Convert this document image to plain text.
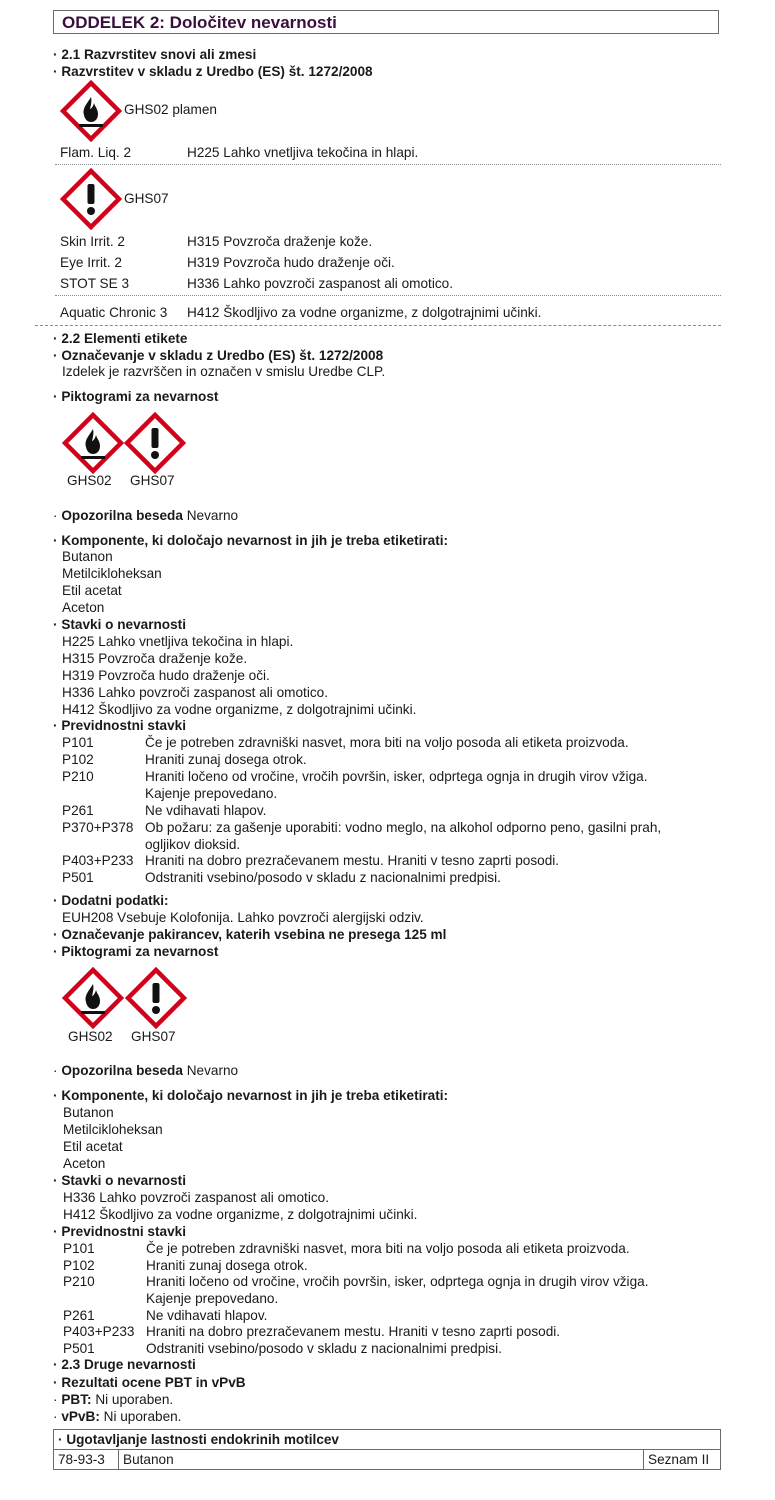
ODDELEK 2: Določitev nevarnosti
· 2.1 Razvrstitev snovi ali zmesi
· Razvrstitev v skladu z Uredbo (ES) št. 1272/2008
GHS02 plamen
Flam. Liq. 2	H225 Lahko vnetljiva tekočina in hlapi.
GHS07
Skin Irrit. 2	H315 Povzroča draženje kože.
Eye Irrit. 2	H319 Povzroča hudo draženje oči.
STOT SE 3	H336 Lahko povzroči zaspanost ali omotico.
Aquatic Chronic 3 H412 Škodljivo za vodne organizme, z dolgotrajnimi učinki.
· 2.2 Elementi etikete
· Označevanje v skladu z Uredbo (ES) št. 1272/2008
Izdelek je razvrščen in označen v smislu Uredbe CLP.
· Piktogrami za nevarnost
GHS02 GHS07
· Opozorilna beseda Nevarno
· Komponente, ki določajo nevarnost in jih je treba etiketirati:
Butanon
Metilcikloheksan
Etil acetat
Aceton
· Stavki o nevarnosti
H225 Lahko vnetljiva tekočina in hlapi.
H315 Povzroča draženje kože.
H319 Povzroča hudo draženje oči.
H336 Lahko povzroči zaspanost ali omotico.
H412 Škodljivo za vodne organizme, z dolgotrajnimi učinki.
· Previdnostni stavki
P101	Če je potreben zdravniški nasvet, mora biti na voljo posoda ali etiketa proizvoda.
P102	Hraniti zunaj dosega otrok.
P210	Hraniti ločeno od vročine, vročih površin, isker, odprtega ognja in drugih virov vžiga.
Kajenje prepovedano.
P261	Ne vdihavati hlapov.
P370+P378 Ob požaru: za gašenje uporabiti: vodno meglo, na alkohol odporno peno, gasilni prah,
ogljikov dioksid.
P403+P233 Hraniti na dobro prezračevanem mestu. Hraniti v tesno zaprti posodi.
P501	Odstraniti vsebino/posodo v skladu z nacionalnimi predpisi.
· Dodatni podatki:
EUH208 Vsebuje Kolofonija. Lahko povzroči alergijski odziv.
· Označevanje pakirancev, katerih vsebina ne presega 125 ml
· Piktogrami za nevarnost
GHS02 GHS07
· Opozorilna beseda Nevarno
· Komponente, ki določajo nevarnost in jih je treba etiketirati:
Butanon
Metilcikloheksan
Etil acetat
Aceton
· Stavki o nevarnosti
H336 Lahko povzroči zaspanost ali omotico.
H412 Škodljivo za vodne organizme, z dolgotrajnimi učinki.
· Previdnostni stavki
P101	Če je potreben zdravniški nasvet, mora biti na voljo posoda ali etiketa proizvoda.
P102	Hraniti zunaj dosega otrok.
P210	Hraniti ločeno od vročine, vročih površin, isker, odprtega ognja in drugih virov vžiga.
Kajenje prepovedano.
P261	Ne vdihavati hlapov.
P403+P233 Hraniti na dobro prezračevanem mestu. Hraniti v tesno zaprti posodi.
P501	Odstraniti vsebino/posodo v skladu z nacionalnimi predpisi.
· 2.3 Druge nevarnosti
· Rezultati ocene PBT in vPvB
· PBT: Ni uporaben.
· vPvB: Ni uporaben.
· Ugotavljanje lastnosti endokrinih motilcev
78-93-3	Butanon	Seznam II
